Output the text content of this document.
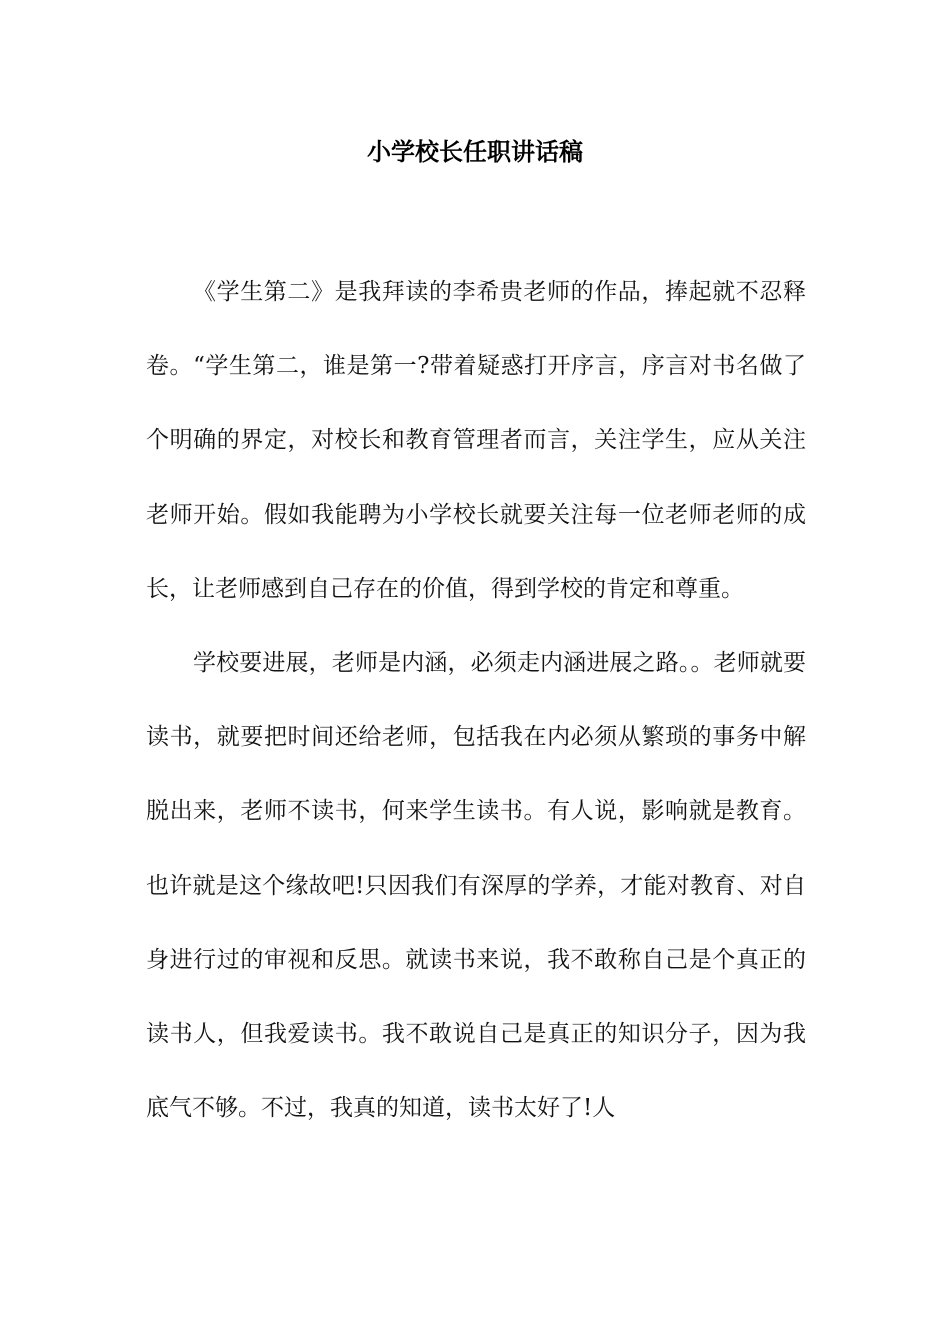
小学校长任职讲话稿

《学生第二》是我拜读的李希贵老师的作品，捧起就不忍释卷。“学生第二，谁是第一?带着疑惑打开序言，序言对书名做了个明确的界定，对校长和教育管理者而言，关注学生，应从关注老师开始。假如我能聘为小学校长就要关注每一位老师老师的成长，让老师感到自己存在的价值，得到学校的肯定和尊重。

学校要进展，老师是内涵，必须走内涵进展之路。。老师就要读书，就要把时间还给老师，包括我在内必须从繁琐的事务中解脱出来，老师不读书，何来学生读书。有人说，影响就是教育。也许就是这个缘故吧!只因我们有深厚的学养，才能对教育、对自身进行过的审视和反思。就读书来说，我不敢称自己是个真正的读书人，但我爱读书。我不敢说自己是真正的知识分子，因为我底气不够。不过，我真的知道，读书太好了!人
